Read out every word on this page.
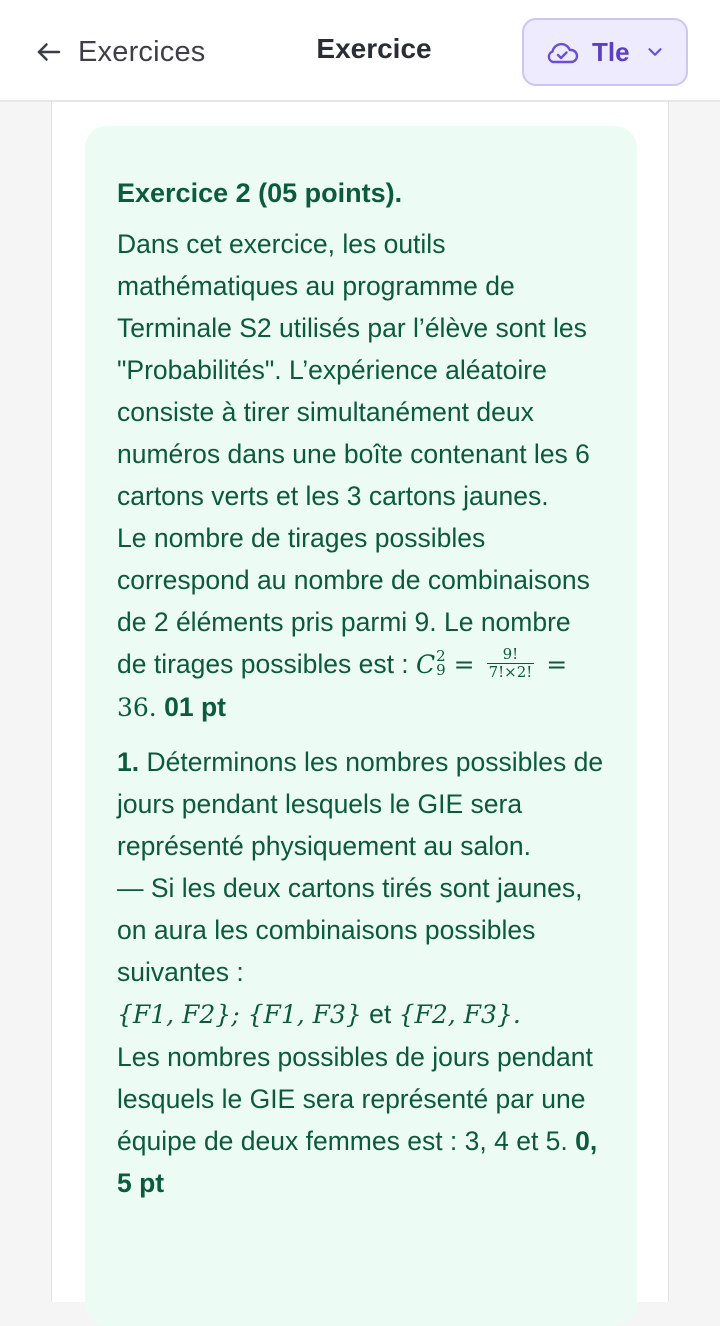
Exercices	Exercice	Tle
Exercice 2 (05 points).

Dans cet exercice, les outils mathématiques au programme de Terminale S2 utilisés par l’élève sont les "Probabilités". L’expérience aléatoire consiste à tirer simultanément deux numéros dans une boîte contenant les 6 cartons verts et les 3 cartons jaunes.
Le nombre de tirages possibles correspond au nombre de combinaisons de 2 éléments pris parmi 9. Le nombre de tirages possibles est : C 2
$9 = \frac{9!}{7!\times 2!} = 36$. 01 pt

1. Déterminons les nombres possibles de jours pendant lesquels le GIE sera représenté physiquement au salon.
— Si les deux cartons tirés sont jaunes, on aura les combinaisons possibles suivantes :
{F1, F2}; {F1, F3} et {F2, F3}.
Les nombres possibles de jours pendant lesquels le GIE sera représenté par une équipe de deux femmes est : 3, 4 et 5. 0, 5 pt
